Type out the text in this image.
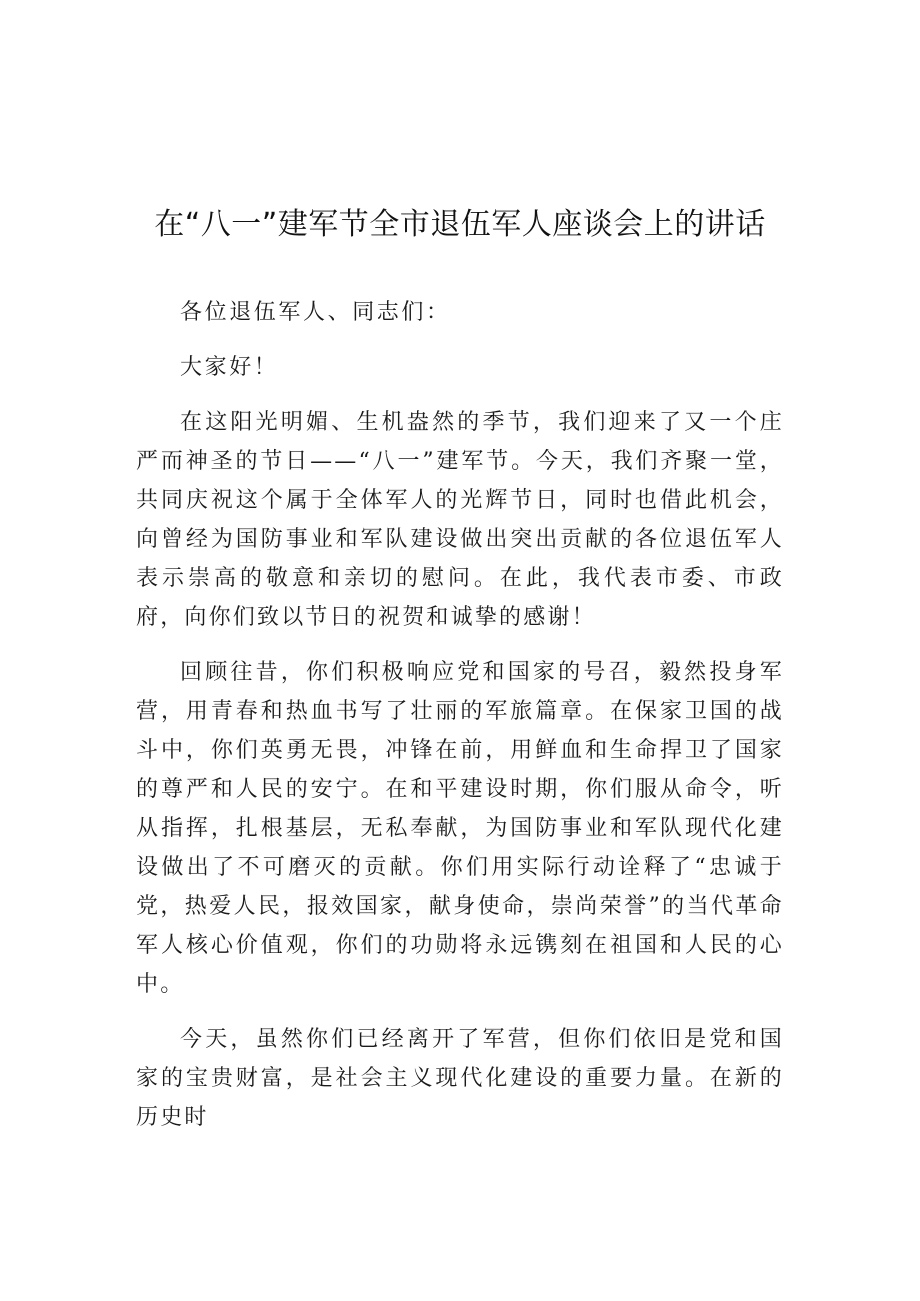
在“八一”建军节全市退伍军人座谈会上的讲话

各位退伍军人、同志们：

大家好！

在这阳光明媚、生机盎然的季节，我们迎来了又一个庄严而神圣的节日——“八一”建军节。今天，我们齐聚一堂，共同庆祝这个属于全体军人的光辉节日，同时也借此机会，向曾经为国防事业和军队建设做出突出贡献的各位退伍军人表示崇高的敬意和亲切的慰问。在此，我代表市委、市政府，向你们致以节日的祝贺和诚挚的感谢！

回顾往昔，你们积极响应党和国家的号召，毅然投身军营，用青春和热血书写了壮丽的军旅篇章。在保家卫国的战斗中，你们英勇无畏，冲锋在前，用鲜血和生命捍卫了国家的尊严和人民的安宁。在和平建设时期，你们服从命令，听从指挥，扎根基层，无私奉献，为国防事业和军队现代化建设做出了不可磨灭的贡献。你们用实际行动诠释了“忠诚于党，热爱人民，报效国家，献身使命，崇尚荣誉”的当代革命军人核心价值观，你们的功勋将永远镌刻在祖国和人民的心中。

今天，虽然你们已经离开了军营，但你们依旧是党和国家的宝贵财富，是社会主义现代化建设的重要力量。在新的历史时
